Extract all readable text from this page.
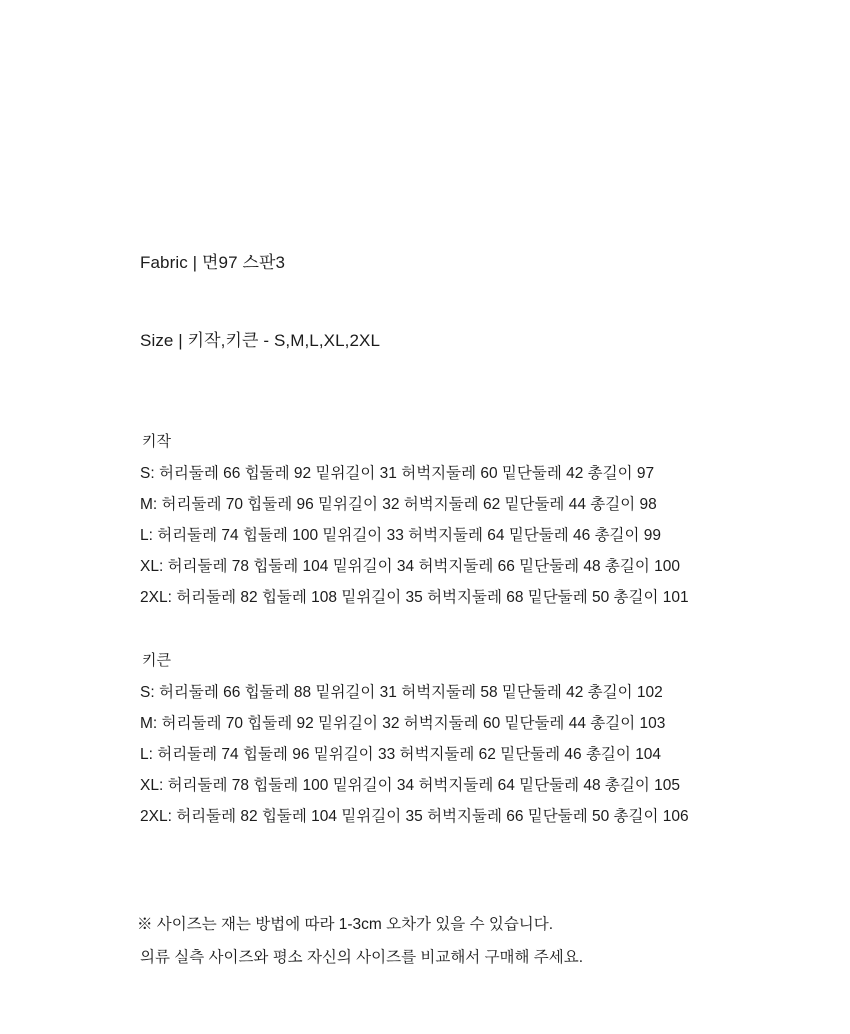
Fabric | 면97 스판3

Size | 키작,키큰 - S,M,L,XL,2XL

키작
S: 허리둘레 66 힙둘레 92 밑위길이 31 허벅지둘레 60 밑단둘레 42 총길이 97
M: 허리둘레 70 힙둘레 96 밑위길이 32 허벅지둘레 62 밑단둘레 44 총길이 98
L: 허리둘레 74 힙둘레 100 밑위길이 33 허벅지둘레 64 밑단둘레 46 총길이 99
XL: 허리둘레 78 힙둘레 104 밑위길이 34 허벅지둘레 66 밑단둘레 48 총길이 100
2XL: 허리둘레 82 힙둘레 108 밑위길이 35 허벅지둘레 68 밑단둘레 50 총길이 101
키큰
S: 허리둘레 66 힙둘레 88 밑위길이 31 허벅지둘레 58 밑단둘레 42 총길이 102
M: 허리둘레 70 힙둘레 92 밑위길이 32 허벅지둘레 60 밑단둘레 44 총길이 103
L: 허리둘레 74 힙둘레 96 밑위길이 33 허벅지둘레 62 밑단둘레 46 총길이 104
XL: 허리둘레 78 힙둘레 100 밑위길이 34 허벅지둘레 64 밑단둘레 48 총길이 105
2XL: 허리둘레 82 힙둘레 104 밑위길이 35 허벅지둘레 66 밑단둘레 50 총길이 106
※ 사이즈는 재는 방법에 따라 1-3cm 오차가 있을 수 있습니다.
의류 실측 사이즈와 평소 자신의 사이즈를 비교해서 구매해 주세요.
